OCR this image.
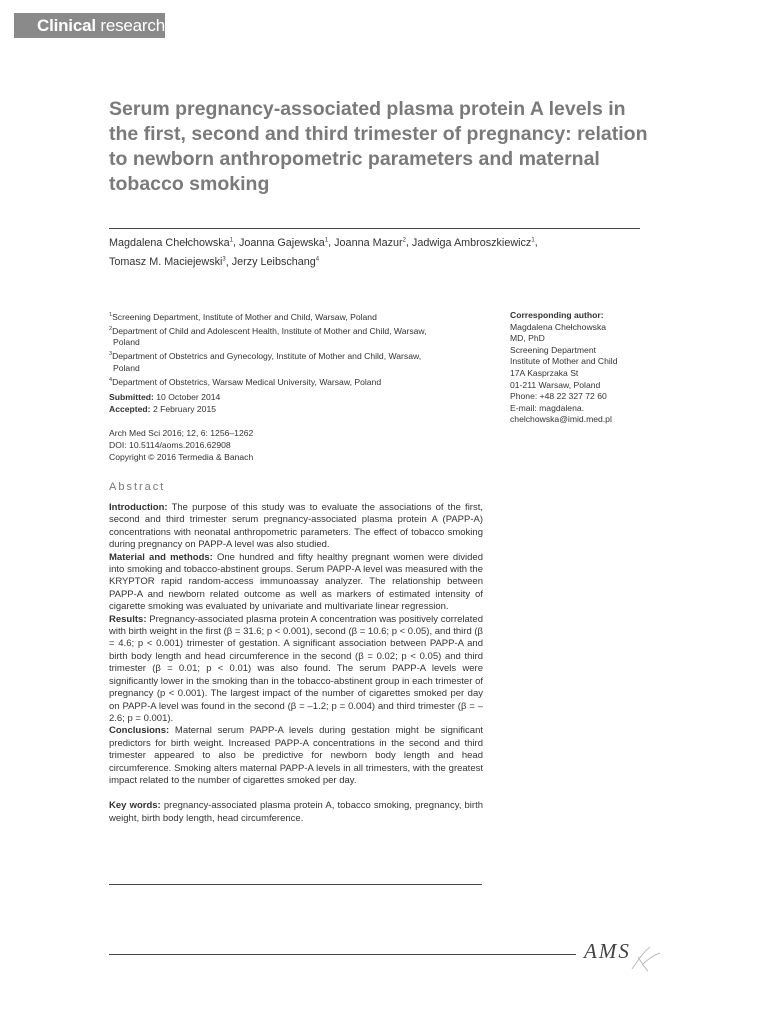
Clinical research
Serum pregnancy-associated plasma protein A levels in the first, second and third trimester of pregnancy: relation to newborn anthropometric parameters and maternal tobacco smoking
Magdalena Chełchowska$^1$, Joanna Gajewska$^1$, Joanna Mazur$^2$, Jadwiga Ambroszkiewicz$^1$,
Tomasz M. Maciejewski$^3$, Jerzy Leibschang$^4$
$^1$Screening Department, Institute of Mother and Child, Warsaw, Poland
$^2$Department of Child and Adolescent Health, Institute of Mother and Child, Warsaw,
Poland
$^3$Department of Obstetrics and Gynecology, Institute of Mother and Child, Warsaw,
Poland
$^4$Department of Obstetrics, Warsaw Medical University, Warsaw, Poland
Submitted: 10 October 2014
Accepted: 2 February 2015
Arch Med Sci 2016; 12, 6: 1256–1262
DOI: 10.5114/aoms.2016.62908
Copyright © 2016 Termedia & Banach
Corresponding author:
Magdalena Chełchowska
MD, PhD
Screening Department
Institute of Mother and Child
17A Kasprzaka St
01-211 Warsaw, Poland
Phone: +48 22 327 72 60
E-mail: magdalena.
chelchowska@imid.med.pl
Abstract

Introduction: The purpose of this study was to evaluate the associations of the first, second and third trimester serum pregnancy-associated plasma protein A (PAPP-A) concentrations with neonatal anthropometric parameters. The effect of tobacco smoking during pregnancy on PAPP-A level was also studied.

Material and methods: One hundred and fifty healthy pregnant women were divided into smoking and tobacco-abstinent groups. Serum PAPP-A level was measured with the KRYPTOR rapid random-access immunoassay analyzer. The relationship between PAPP-A and newborn related outcome as well as markers of estimated intensity of cigarette smoking was evaluated by univariate and multivariate linear regression.

Results: Pregnancy-associated plasma protein A concentration was positively correlated with birth weight in the first (β = 31.6; p < 0.001), second (β = 10.6; p < 0.05), and third (β = 4.6; p < 0.001) trimester of gestation. A significant association between PAPP-A and birth body length and head circumference in the second (β = 0.02; p < 0.05) and third trimester (β = 0.01; p < 0.01) was also found. The serum PAPP-A levels were significantly lower in the smoking than in the tobacco-abstinent group in each trimester of pregnancy (p < 0.001). The largest impact of the number of cigarettes smoked per day on PAPP-A level was found in the second (β = –1.2; p = 0.004) and third trimester (β = –2.6; p = 0.001).

Conclusions: Maternal serum PAPP-A levels during gestation might be significant predictors for birth weight. Increased PAPP-A concentrations in the second and third trimester appeared to also be predictive for newborn body length and head circumference. Smoking alters maternal PAPP-A levels in all trimesters, with the greatest impact related to the number of cigarettes smoked per day.

Key words: pregnancy-associated plasma protein A, tobacco smoking, pregnancy, birth weight, birth body length, head circumference.

AMS
